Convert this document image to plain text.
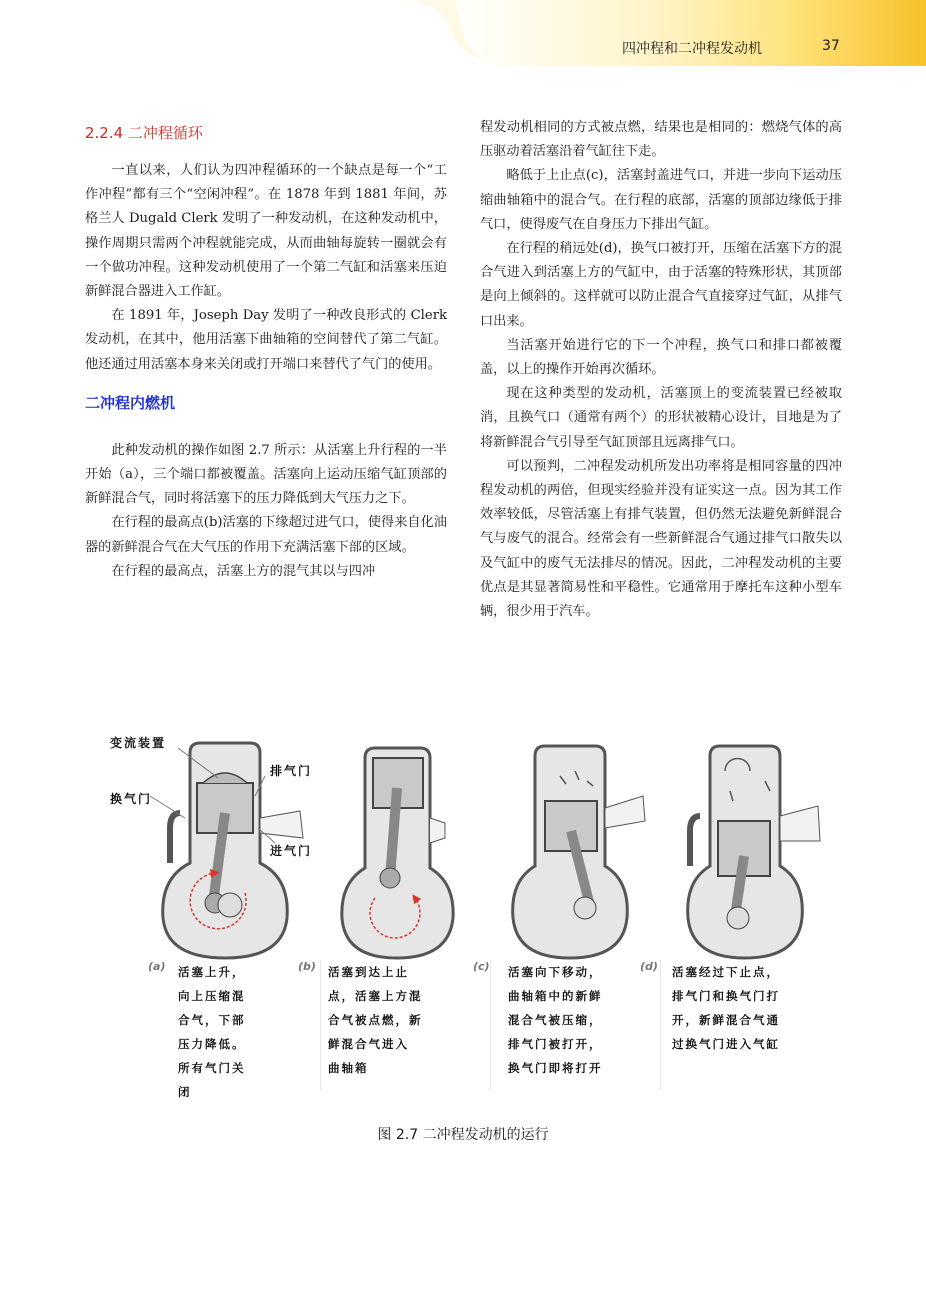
四冲程和二冲程发动机	37
2.2.4 二冲程循环

一直以来，人们认为四冲程循环的一个缺点是每一个“工作冲程”都有三个“空闲冲程”。在 1878 年到 1881 年间，苏格兰人 Dugald Clerk 发明了一种发动机，在这种发动机中，操作周期只需两个冲程就能完成，从而曲轴每旋转一圈就会有一个做功冲程。这种发动机使用了一个第二气缸和活塞来压迫新鲜混合器进入工作缸。

在 1891 年，Joseph Day 发明了一种改良形式的 Clerk 发动机，在其中，他用活塞下曲轴箱的空间替代了第二气缸。他还通过用活塞本身来关闭或打开端口来替代了气门的使用。

二冲程内燃机

此种发动机的操作如图 2.7 所示：从活塞上升行程的一半开始（a），三个端口都被覆盖。活塞向上运动压缩气缸顶部的新鲜混合气，同时将活塞下的压力降低到大气压力之下。

在行程的最高点(b)活塞的下缘超过进气口，使得来自化油器的新鲜混合气在大气压的作用下充满活塞下部的区域。

在行程的最高点，活塞上方的混气其以与四冲

程发动机相同的方式被点燃，结果也是相同的：燃烧气体的高压驱动着活塞沿着气缸往下走。

略低于上止点(c)，活塞封盖进气口，并进一步向下运动压缩曲轴箱中的混合气。在行程的底部，活塞的顶部边缘低于排气口，使得废气在自身压力下排出气缸。

在行程的稍远处(d)，换气口被打开，压缩在活塞下方的混合气进入到活塞上方的气缸中，由于活塞的特殊形状，其顶部是向上倾斜的。这样就可以防止混合气直接穿过气缸，从排气口出来。

当活塞开始进行它的下一个冲程，换气口和排口都被覆盖，以上的操作开始再次循环。

现在这种类型的发动机，活塞顶上的变流装置已经被取消，且换气口（通常有两个）的形状被精心设计，目地是为了将新鲜混合气引导至气缸顶部且远离排气口。

可以预判，二冲程发动机所发出功率将是相同容量的四冲程发动机的两倍，但现实经验并没有证实这一点。因为其工作效率较低，尽管活塞上有排气装置，但仍然无法避免新鲜混合气与废气的混合。经常会有一些新鲜混合气通过排气口散失以及气缸中的废气无法排尽的情况。因此，二冲程发动机的主要优点是其显著简易性和平稳性。它通常用于摩托车这种小型车辆，很少用于汽车。

变流装置
排气门
换气门
进气门
(a) 活塞上升，
向上压缩混
合气，下部
压力降低。
所有气门关
闭
(b) 活塞到达上止
点，活塞上方混
合气被点燃，新
鲜混合气进入
曲轴箱
(c) 活塞向下移动，
曲轴箱中的新鲜
混合气被压缩，
排气门被打开，
换气门即将打开
(d) 活塞经过下止点，
排气门和换气门打
开，新鲜混合气通
过换气门进入气缸
图 2.7 二冲程发动机的运行
